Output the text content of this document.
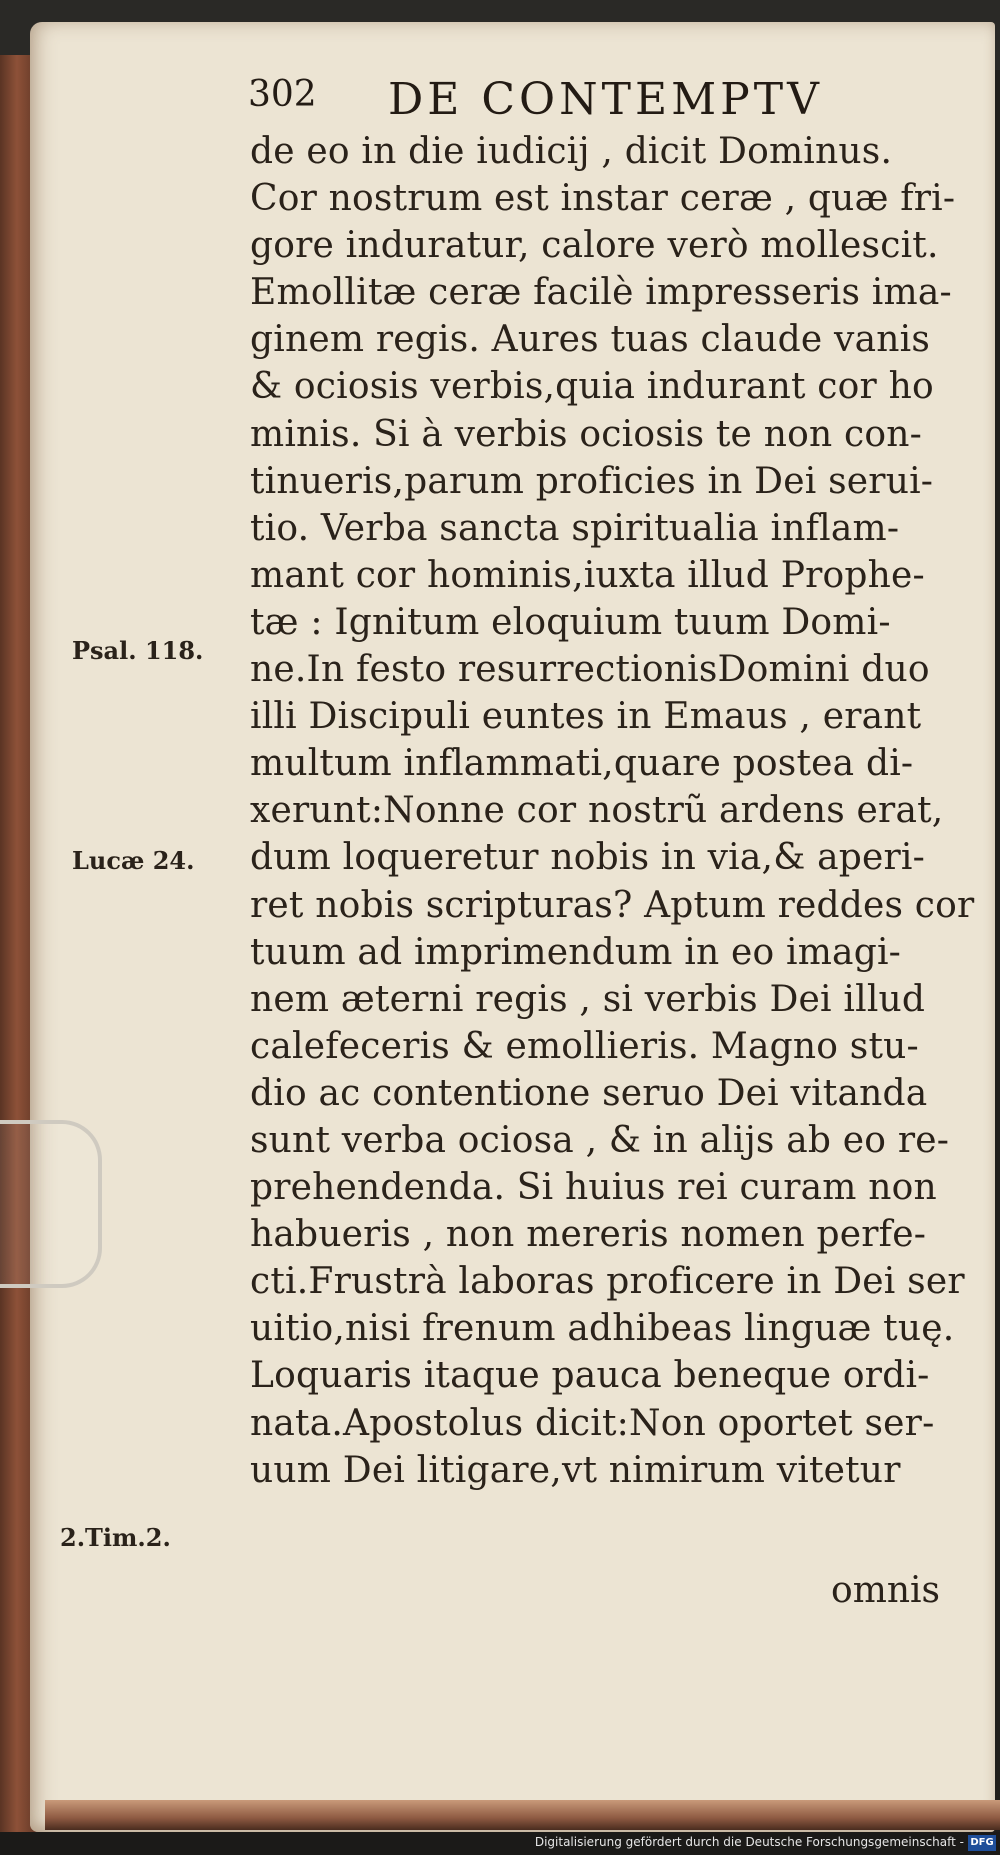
302 DE CONTEMPTV
de eo in die iudicij , dicit Dominus.
Cor nostrum est instar ceræ , quæ fri-
gore induratur, calore verò mollescit.
Emollitæ ceræ facilè impresseris ima-
ginem regis. Aures tuas claude vanis
& ociosis verbis,quia indurant cor ho
minis. Si à verbis ociosis te non con-
tinueris,parum proficies in Dei serui-
tio. Verba sancta spiritualia inflam-
mant cor hominis,iuxta illud Prophe-
tæ : Ignitum eloquium tuum Domi-
ne.In festo resurrectionisDomini duo
illi Discipuli euntes in Emaus , erant
multum inflammati,quare postea di-
xerunt:Nonne cor nostrũ ardens erat,
dum loqueretur nobis in via,& aperi-
ret nobis scripturas? Aptum reddes cor
tuum ad imprimendum in eo imagi-
nem æterni regis , si verbis Dei illud
calefeceris & emollieris. Magno stu-
dio ac contentione seruo Dei vitanda
sunt verba ociosa , & in alijs ab eo re-
prehendenda. Si huius rei curam non
habueris , non mereris nomen perfe-
cti.Frustrà laboras proficere in Dei ser
uitio,nisi frenum adhibeas linguæ tuę.
Loquaris itaque pauca beneque ordi-
nata.Apostolus dicit:Non oportet ser-
uum Dei litigare,vt nimirum vitetur
Psal. 118.
Lucæ 24.
2.Tim.2.
omnis
Digitalisierung gefördert durch die Deutsche Forschungsgemeinschaft - DFG
